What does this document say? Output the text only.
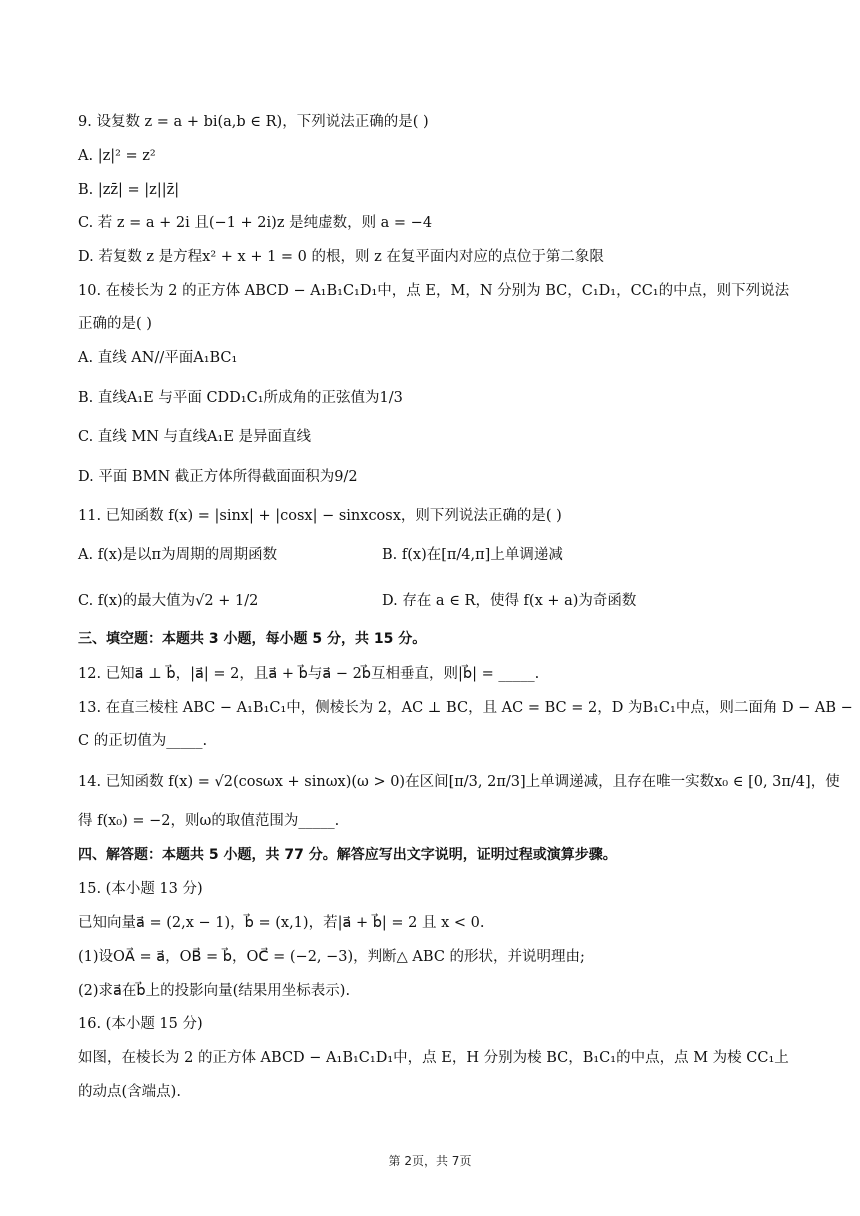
9. 设复数 z = a + bi(a,b ∈ R)，下列说法正确的是( )
A. |z|² = z²
B. |zz̄| = |z||z̄|
C. 若 z = a + 2i 且(−1 + 2i)z 是纯虚数，则 a = −4
D. 若复数 z 是方程x² + x + 1 = 0 的根，则 z 在复平面内对应的点位于第二象限
10. 在棱长为 2 的正方体 ABCD − A₁B₁C₁D₁中，点 E，M，N 分别为 BC，C₁D₁，CC₁的中点，则下列说法
正确的是( )
A. 直线 AN//平面A₁BC₁
B. 直线A₁E 与平面 CDD₁C₁所成角的正弦值为1/3
C. 直线 MN 与直线A₁E 是异面直线
D. 平面 BMN 截正方体所得截面面积为9/2
11. 已知函数 f(x) = |sinx| + |cosx| − sinxcosx，则下列说法正确的是( )
A. f(x)是以π为周期的周期函数	B. f(x)在[π/4,π]上单调递减
C. f(x)的最大值为√2 + 1/2	D. 存在 a ∈ R，使得 f(x + a)为奇函数
三、填空题：本题共 3 小题，每小题 5 分，共 15 分。
12. 已知a⃗ ⊥ b⃗，|a⃗| = 2，且a⃗ + b⃗与a⃗ − 2b⃗互相垂直，则|b⃗| = _____.
13. 在直三棱柱 ABC − A₁B₁C₁中，侧棱长为 2，AC ⊥ BC，且 AC = BC = 2，D 为B₁C₁中点，则二面角 D − AB −
C 的正切值为_____.
14. 已知函数 f(x) = √2(cosωx + sinωx)(ω > 0)在区间[π/3, 2π/3]上单调递减，且存在唯一实数x₀ ∈ [0, 3π/4]，使
得 f(x₀) = −2，则ω的取值范围为_____.
四、解答题：本题共 5 小题，共 77 分。解答应写出文字说明，证明过程或演算步骤。
15. (本小题 13 分)
已知向量a⃗ = (2,x − 1)，b⃗ = (x,1)，若|a⃗ + b⃗| = 2 且 x < 0.
(1)设OA⃗ = a⃗，OB⃗ = b⃗，OC⃗ = (−2, −3)，判断△ ABC 的形状，并说明理由;
(2)求a⃗在b⃗上的投影向量(结果用坐标表示).
16. (本小题 15 分)
如图，在棱长为 2 的正方体 ABCD − A₁B₁C₁D₁中，点 E，H 分别为棱 BC，B₁C₁的中点，点 M 为棱 CC₁上
的动点(含端点).
第 2页，共 7页
